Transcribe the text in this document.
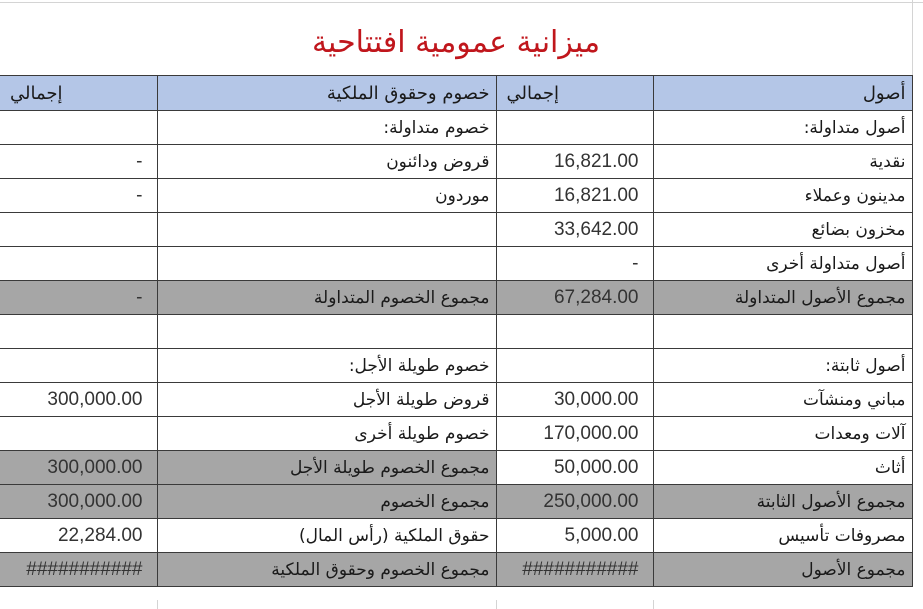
ميزانية عمومية افتتاحية
أصول	إجمالي	خصوم وحقوق الملكية	إجمالي
أصول متداولة:		خصوم متداولة:	
نقدية	16,821.00	قروض ودائنون	-
مدينون وعملاء	16,821.00	موردون	-
مخزون بضائع	33,642.00		
أصول متداولة أخرى	-		
مجموع الأصول المتداولة	67,284.00	مجموع الخصوم المتداولة	-

أصول ثابتة:		خصوم طويلة الأجل:	
مباني ومنشآت	30,000.00	قروض طويلة الأجل	300,000.00
آلات ومعدات	170,000.00	خصوم طويلة أخرى	
أثاث	50,000.00	مجموع الخصوم طويلة الأجل	300,000.00
مجموع الأصول الثابتة	250,000.00	مجموع الخصوم	300,000.00
مصروفات تأسيس	5,000.00	حقوق الملكية (رأس المال)	22,284.00
مجموع الأصول	###########	مجموع الخصوم وحقوق الملكية	###########
